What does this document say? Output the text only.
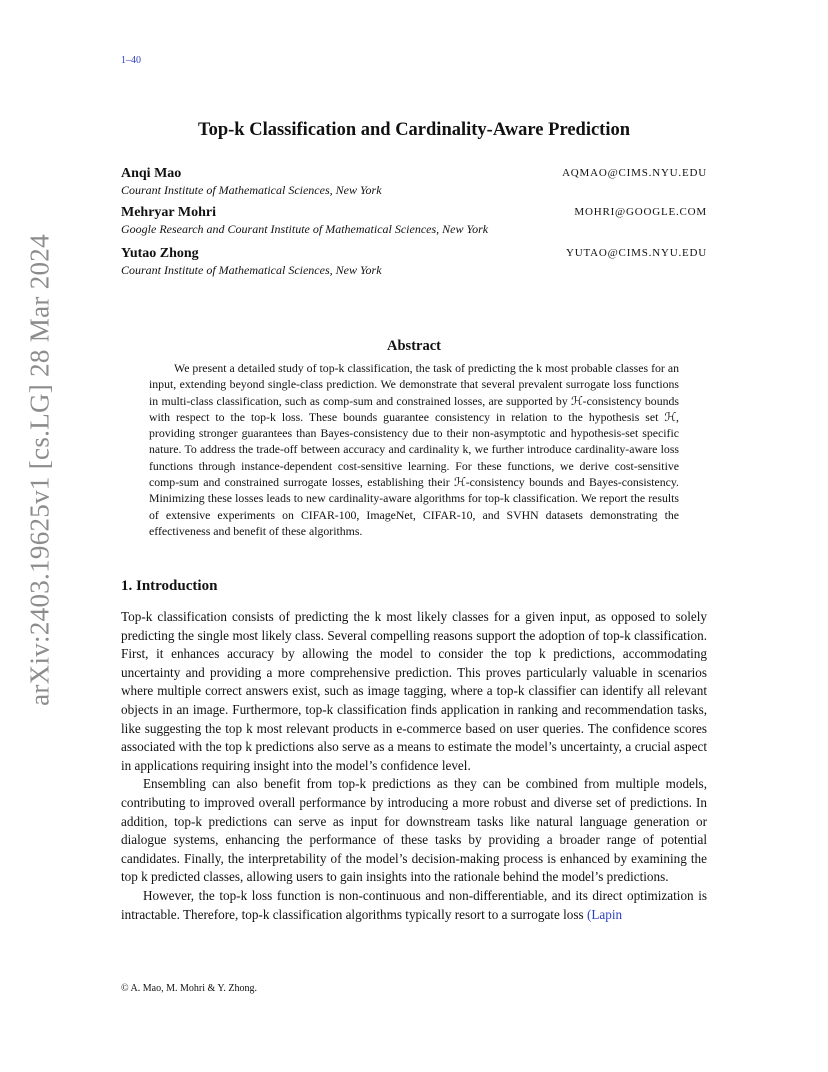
1–40
arXiv:2403.19625v1 [cs.LG] 28 Mar 2024
Top-k Classification and Cardinality-Aware Prediction
Anqi Mao	AQMAO@CIMS.NYU.EDU
Courant Institute of Mathematical Sciences, New York
Mehryar Mohri	MOHRI@GOOGLE.COM
Google Research and Courant Institute of Mathematical Sciences, New York
Yutao Zhong	YUTAO@CIMS.NYU.EDU
Courant Institute of Mathematical Sciences, New York
Abstract
We present a detailed study of top-k classification, the task of predicting the k most probable classes for an input, extending beyond single-class prediction. We demonstrate that several prevalent surrogate loss functions in multi-class classification, such as comp-sum and constrained losses, are supported by ℋ-consistency bounds with respect to the top-k loss. These bounds guarantee consistency in relation to the hypothesis set ℋ, providing stronger guarantees than Bayes-consistency due to their non-asymptotic and hypothesis-set specific nature. To address the trade-off between accuracy and cardinality k, we further introduce cardinality-aware loss functions through instance-dependent cost-sensitive learning. For these functions, we derive cost-sensitive comp-sum and constrained surrogate losses, establishing their ℋ-consistency bounds and Bayes-consistency. Minimizing these losses leads to new cardinality-aware algorithms for top-k classification. We report the results of extensive experiments on CIFAR-100, ImageNet, CIFAR-10, and SVHN datasets demonstrating the effectiveness and benefit of these algorithms.
1. Introduction

Top-k classification consists of predicting the k most likely classes for a given input, as opposed to solely predicting the single most likely class. Several compelling reasons support the adoption of top-k classification. First, it enhances accuracy by allowing the model to consider the top k predictions, accommodating uncertainty and providing a more comprehensive prediction. This proves particularly valuable in scenarios where multiple correct answers exist, such as image tagging, where a top-k classifier can identify all relevant objects in an image. Furthermore, top-k classification finds application in ranking and recommendation tasks, like suggesting the top k most relevant products in e-commerce based on user queries. The confidence scores associated with the top k predictions also serve as a means to estimate the model’s uncertainty, a crucial aspect in applications requiring insight into the model’s confidence level.

Ensembling can also benefit from top-k predictions as they can be combined from multiple models, contributing to improved overall performance by introducing a more robust and diverse set of predictions. In addition, top-k predictions can serve as input for downstream tasks like natural language generation or dialogue systems, enhancing the performance of these tasks by providing a broader range of potential candidates. Finally, the interpretability of the model’s decision-making process is enhanced by examining the top k predicted classes, allowing users to gain insights into the rationale behind the model’s predictions.

However, the top-k loss function is non-continuous and non-differentiable, and its direct optimization is intractable. Therefore, top-k classification algorithms typically resort to a surrogate loss (Lapin

© A. Mao, M. Mohri & Y. Zhong.
